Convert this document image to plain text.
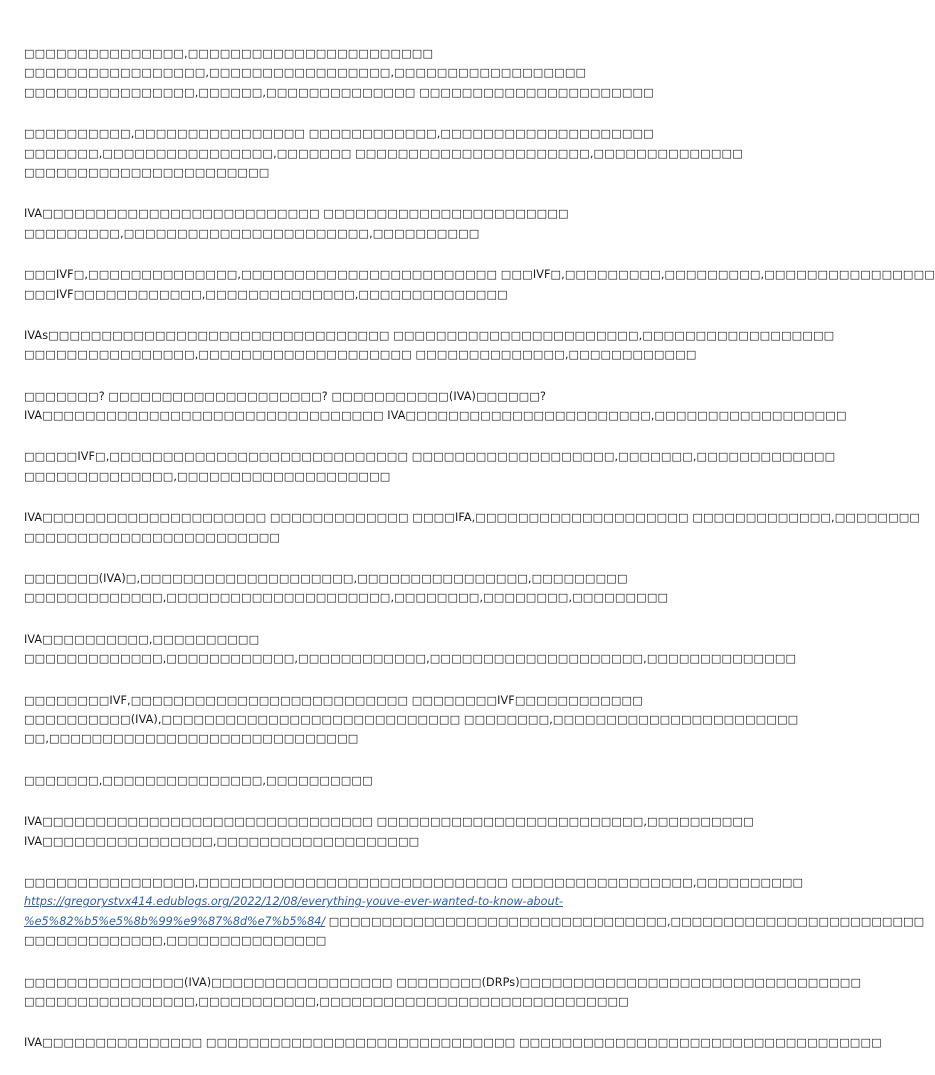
□□□□□□□□□□□□□□□,□□□□□□□□□□□□□□□□□□□□□□□
□□□□□□□□□□□□□□□□□,□□□□□□□□□□□□□□□□□,□□□□□□□□□□□□□□□□□□
□□□□□□□□□□□□□□□□,□□□□□□,□□□□□□□□□□□□□□ □□□□□□□□□□□□□□□□□□□□□□
□□□□□□□□□□,□□□□□□□□□□□□□□□□ □□□□□□□□□□□□,□□□□□□□□□□□□□□□□□□□□
□□□□□□□,□□□□□□□□□□□□□□□□,□□□□□□□ □□□□□□□□□□□□□□□□□□□□□□,□□□□□□□□□□□□□□
□□□□□□□□□□□□□□□□□□□□□□□
IVA□□□□□□□□□□□□□□□□□□□□□□□□□□ □□□□□□□□□□□□□□□□□□□□□□□
□□□□□□□□□,□□□□□□□□□□□□□□□□□□□□□□□,□□□□□□□□□□
□□□IVF□,□□□□□□□□□□□□□□,□□□□□□□□□□□□□□□□□□□□□□□□ □□□IVF□,□□□□□□□□□,□□□□□□□□□,□□□□□□□□□□□□□□□□
□□□IVF□□□□□□□□□□□□,□□□□□□□□□□□□□□,□□□□□□□□□□□□□□
IVAs□□□□□□□□□□□□□□□□□□□□□□□□□□□□□□□□ □□□□□□□□□□□□□□□□□□□□□□□,□□□□□□□□□□□□□□□□□□
□□□□□□□□□□□□□□□□,□□□□□□□□□□□□□□□□□□□□ □□□□□□□□□□□□□□,□□□□□□□□□□□□
□□□□□□□? □□□□□□□□□□□□□□□□□□□□? □□□□□□□□□□□(IVA)□□□□□□?
IVA□□□□□□□□□□□□□□□□□□□□□□□□□□□□□□□□ IVA□□□□□□□□□□□□□□□□□□□□□□□,□□□□□□□□□□□□□□□□□□
□□□□□IVF□,□□□□□□□□□□□□□□□□□□□□□□□□□□□□ □□□□□□□□□□□□□□□□□□□,□□□□□□□,□□□□□□□□□□□□□
□□□□□□□□□□□□□□,□□□□□□□□□□□□□□□□□□□□
IVA□□□□□□□□□□□□□□□□□□□□□ □□□□□□□□□□□□□ □□□□IFA,□□□□□□□□□□□□□□□□□□□□ □□□□□□□□□□□□□,□□□□□□□□
□□□□□□□□□□□□□□□□□□□□□□□□
□□□□□□□(IVA)□,□□□□□□□□□□□□□□□□□□□□,□□□□□□□□□□□□□□□□,□□□□□□□□□
□□□□□□□□□□□□□,□□□□□□□□□□□□□□□□□□□□□,□□□□□□□□,□□□□□□□□,□□□□□□□□□
IVA□□□□□□□□□□,□□□□□□□□□□
□□□□□□□□□□□□□,□□□□□□□□□□□□,□□□□□□□□□□□□,□□□□□□□□□□□□□□□□□□□□,□□□□□□□□□□□□□□
□□□□□□□□IVF,□□□□□□□□□□□□□□□□□□□□□□□□□□ □□□□□□□□IVF□□□□□□□□□□□□
□□□□□□□□□□(IVA),□□□□□□□□□□□□□□□□□□□□□□□□□□□□ □□□□□□□□,□□□□□□□□□□□□□□□□□□□□□□□
□□,□□□□□□□□□□□□□□□□□□□□□□□□□□□□□
□□□□□□□,□□□□□□□□□□□□□□□,□□□□□□□□□□
IVA□□□□□□□□□□□□□□□□□□□□□□□□□□□□□□□ □□□□□□□□□□□□□□□□□□□□□□□□□,□□□□□□□□□□
IVA□□□□□□□□□□□□□□□□,□□□□□□□□□□□□□□□□□□□
□□□□□□□□□□□□□□□□,□□□□□□□□□□□□□□□□□□□□□□□□□□□□□ □□□□□□□□□□□□□□□□□,□□□□□□□□□□
https://gregorystvx414.edublogs.org/2022/12/08/everything-youve-ever-wanted-to-know-about-
%e5%82%b5%e5%8b%99%e9%87%8d%e7%b5%84/ □□□□□□□□□□□□□□□□□□□□□□□□□□□□□□□□,□□□□□□□□□□□□□□□□□□□□□□□□
□□□□□□□□□□□□□,□□□□□□□□□□□□□□□
□□□□□□□□□□□□□□□(IVA)□□□□□□□□□□□□□□□□□ □□□□□□□□(DRPs)□□□□□□□□□□□□□□□□□□□□□□□□□□□□□□□□
□□□□□□□□□□□□□□□□,□□□□□□□□□□□,□□□□□□□□□□□□□□□□□□□□□□□□□□□□□
IVA□□□□□□□□□□□□□□□ □□□□□□□□□□□□□□□□□□□□□□□□□□□□□ □□□□□□□□□□□□□□□□□□□□□□□□□□□□□□□□□□
